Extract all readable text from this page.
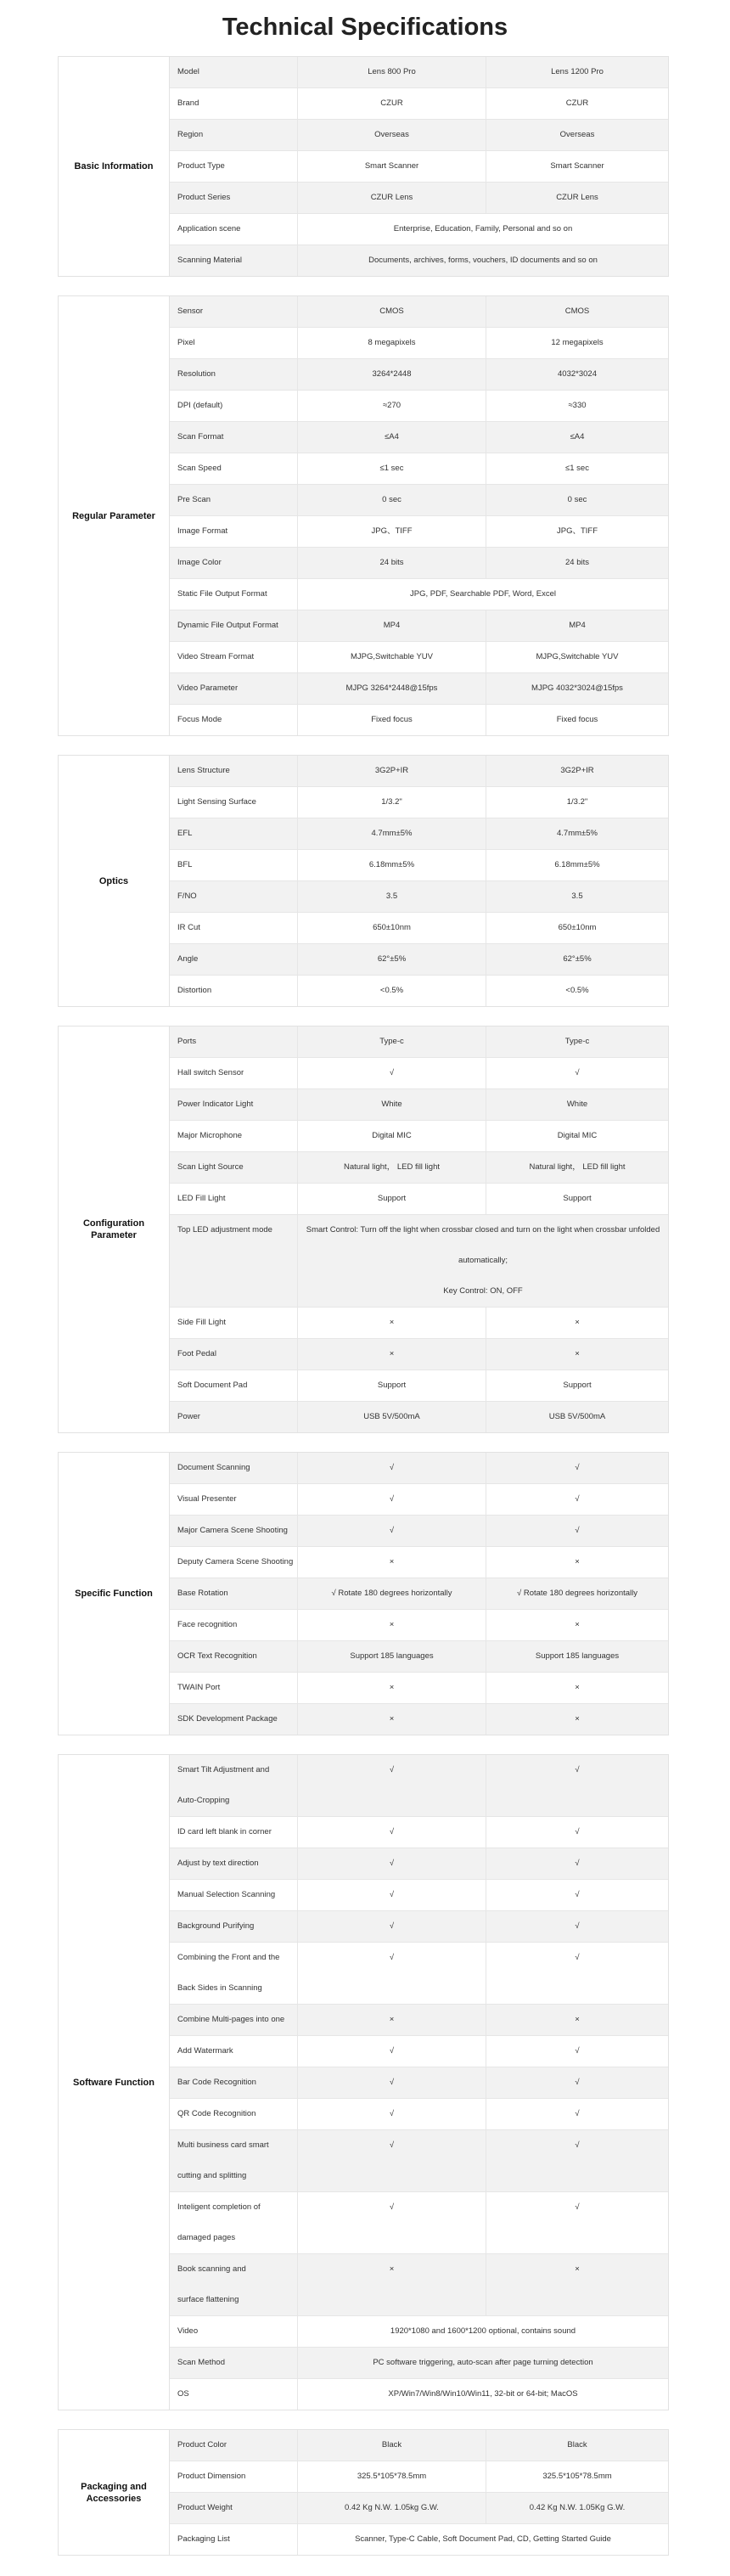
Technical Specifications
Basic Information
Model	Lens 800 Pro	Lens 1200 Pro
Brand	CZUR	CZUR
Region	Overseas	Overseas
Product Type	Smart Scanner	Smart Scanner
Product Series	CZUR Lens	CZUR Lens
Application scene	Enterprise, Education, Family, Personal and so on
Scanning Material	Documents, archives, forms, vouchers, ID documents and so on
Regular Parameter
Sensor	CMOS	CMOS
Pixel	8 megapixels	12 megapixels
Resolution	3264*2448	4032*3024
DPI (default)	≈270	≈330
Scan Format	≤A4	≤A4
Scan Speed	≤1 sec	≤1 sec
Pre Scan	0 sec	0 sec
Image Format	JPG、TIFF	JPG、TIFF
Image Color	24 bits	24 bits
Static File Output Format	JPG, PDF, Searchable PDF, Word, Excel
Dynamic File Output Format	MP4	MP4
Video Stream Format	MJPG,Switchable YUV	MJPG,Switchable YUV
Video Parameter	MJPG 3264*2448@15fps	MJPG 4032*3024@15fps
Focus Mode	Fixed focus	Fixed focus
Optics
Lens Structure	3G2P+IR	3G2P+IR
Light Sensing Surface	1/3.2"	1/3.2"
EFL	4.7mm±5%	4.7mm±5%
BFL	6.18mm±5%	6.18mm±5%
F/NO	3.5	3.5
IR Cut	650±10nm	650±10nm
Angle	62°±5%	62°±5%
Distortion	<0.5%	<0.5%
Configuration Parameter
Ports	Type-c	Type-c
Hall switch Sensor	√	√
Power Indicator Light	White	White
Major Microphone	Digital MIC	Digital MIC
Scan Light Source	Natural light， LED fill light	Natural light， LED fill light
LED Fill Light	Support	Support
Top LED adjustment mode	Smart Control: Turn off the light when crossbar closed and turn on the light when crossbar unfolded
automatically;
Key Control: ON, OFF
Side Fill Light	×	×
Foot Pedal	×	×
Soft Document Pad	Support	Support
Power	USB 5V/500mA	USB 5V/500mA
Specific Function
Document Scanning	√	√
Visual Presenter	√	√
Major Camera Scene Shooting	√	√
Deputy Camera Scene Shooting	×	×
Base Rotation	√ Rotate 180 degrees horizontally	√ Rotate 180 degrees horizontally
Face recognition	×	×
OCR Text Recognition	Support 185 languages	Support 185 languages
TWAIN Port	×	×
SDK Development Package	×	×
Software Function
Smart Tilt Adjustment and
Auto-Cropping
√	√
ID card left blank in corner	√	√
Adjust by text direction	√	√
Manual Selection Scanning	√	√
Background Purifying	√	√
Combining the Front and the
Back Sides in Scanning
√	√
Combine Multi-pages into one	×	×
Add Watermark	√	√
Bar Code Recognition	√	√
QR Code Recognition	√	√
Multi business card smart
cutting and splitting
√	√
Inteligent completion of
damaged pages
√	√
Book scanning and
surface flattening
×	×
Video	1920*1080 and 1600*1200 optional, contains sound
Scan Method	PC software triggering, auto-scan after page turning detection
OS	XP/Win7/Win8/Win10/Win11, 32-bit or 64-bit; MacOS
Packaging and Accessories
Product Color	Black	Black
Product Dimension	325.5*105*78.5mm	325.5*105*78.5mm
Product Weight	0.42 Kg N.W. 1.05kg G.W.	0.42 Kg N.W. 1.05Kg G.W.
Packaging List	Scanner, Type-C Cable, Soft Document Pad, CD, Getting Started Guide
